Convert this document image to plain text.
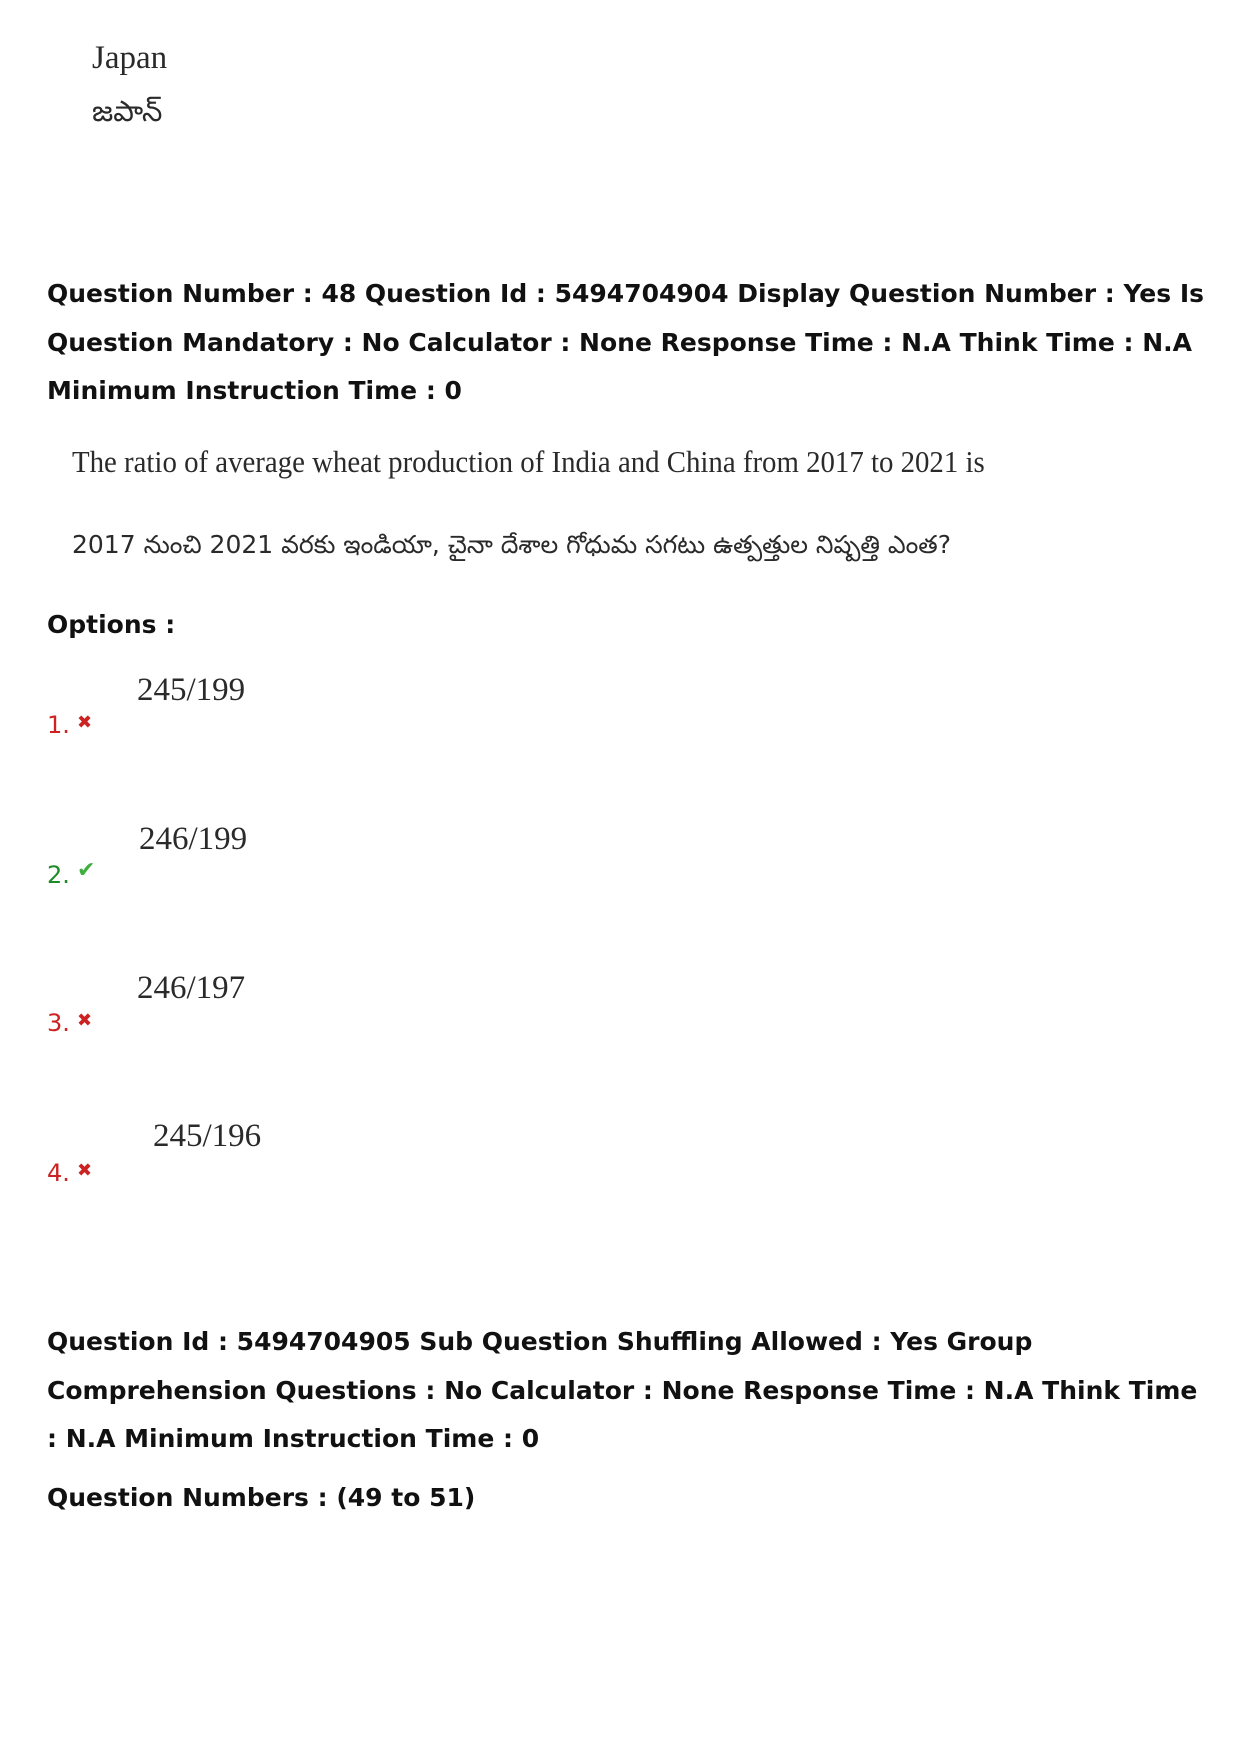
Japan
జపాన్
Question Number : 48 Question Id : 5494704904 Display Question Number : Yes Is Question Mandatory : No Calculator : None Response Time : N.A Think Time : N.A Minimum Instruction Time : 0
The ratio of average wheat production of India and China from 2017 to 2021 is
2017 నుంచి 2021 వరకు ఇండియా, చైనా దేశాల గోధుమ సగటు ఉత్పత్తుల నిష్పత్తి ఎంత?
Options :
1. ✖
245/199
2. ✔
246/199
3. ✖
246/197
4. ✖
245/196
Question Id : 5494704905 Sub Question Shuffling Allowed : Yes Group Comprehension Questions : No Calculator : None Response Time : N.A Think Time : N.A Minimum Instruction Time : 0
Question Numbers : (49 to 51)
